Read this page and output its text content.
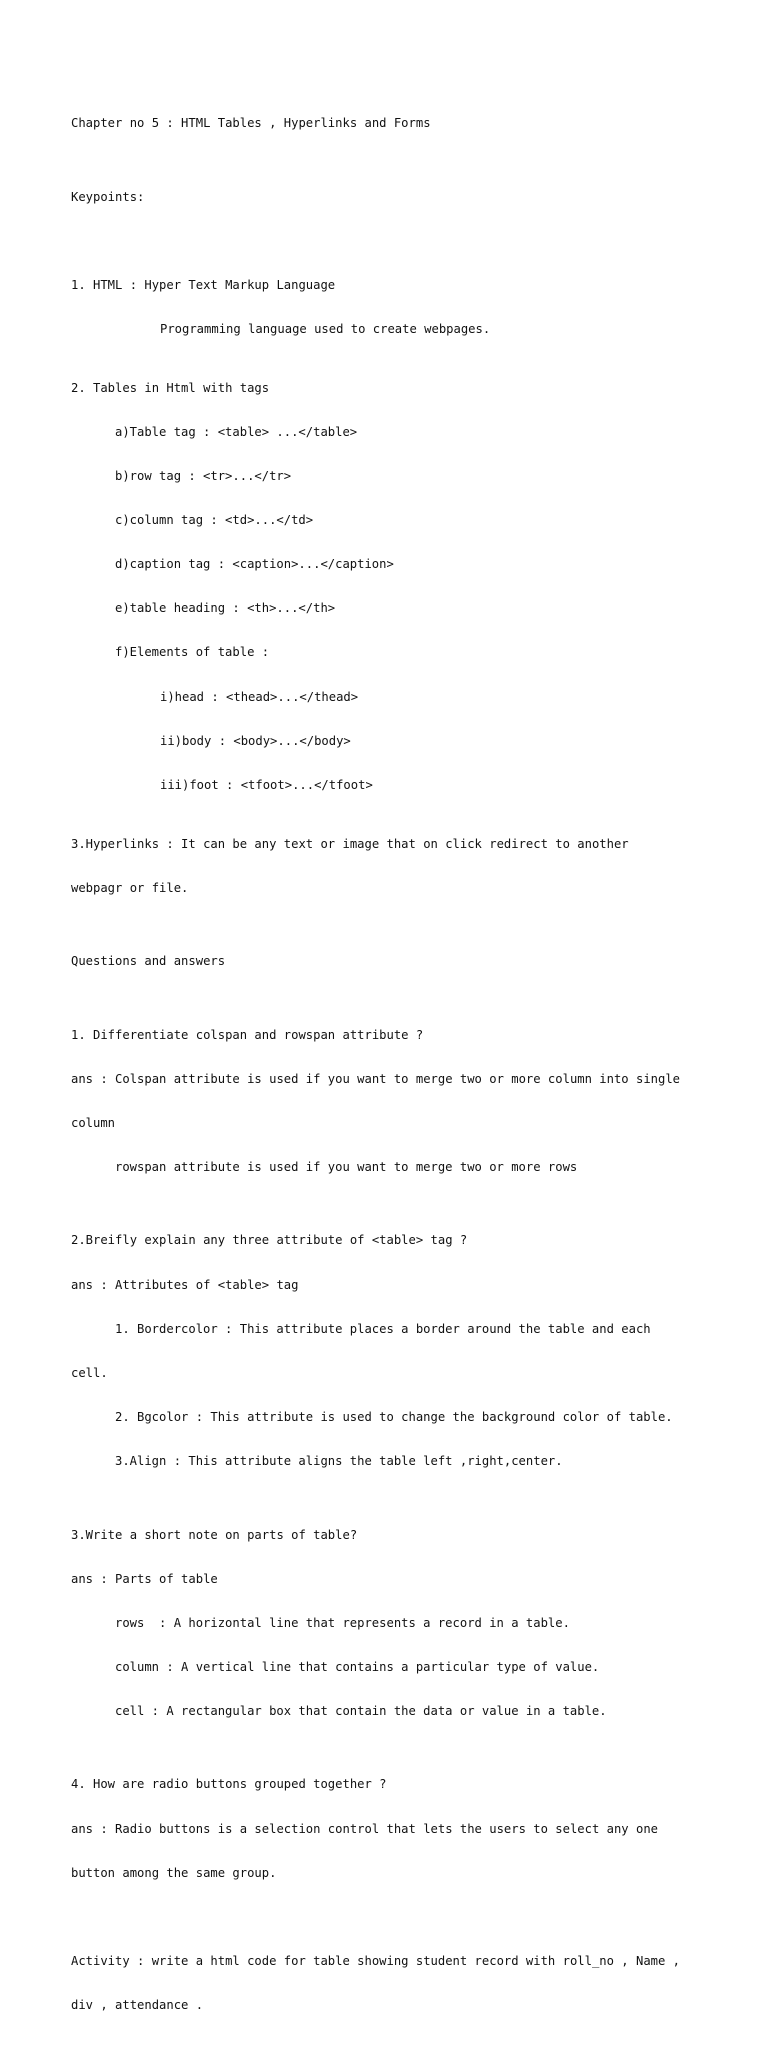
Chapter no 5 : HTML Tables , Hyperlinks and Forms

Keypoints:

1. HTML : Hyper Text Markup Language

Programming language used to create webpages.

2. Tables in Html with tags

a)Table tag : <table> ...</table>

b)row tag : <tr>...</tr>

c)column tag : <td>...</td>

d)caption tag : <caption>...</caption>

e)table heading : <th>...</th>

f)Elements of table :

i)head : <thead>...</thead>

ii)body : <body>...</body>

iii)foot : <tfoot>...</tfoot>

3.Hyperlinks : It can be any text or image that on click redirect to another

webpagr or file.

Questions and answers

1. Differentiate colspan and rowspan attribute ?

ans : Colspan attribute is used if you want to merge two or more column into single

column

rowspan attribute is used if you want to merge two or more rows

2.Breifly explain any three attribute of <table> tag ?

ans : Attributes of <table> tag

1. Bordercolor : This attribute places a border around the table and each

cell.

2. Bgcolor : This attribute is used to change the background color of table.

3.Align : This attribute aligns the table left ,right,center.

3.Write a short note on parts of table?

ans : Parts of table

rows  : A horizontal line that represents a record in a table.

column : A vertical line that contains a particular type of value.

cell : A rectangular box that contain the data or value in a table.

4. How are radio buttons grouped together ?

ans : Radio buttons is a selection control that lets the users to select any one

button among the same group.

Activity : write a html code for table showing student record with roll_no , Name ,

div , attendance .
